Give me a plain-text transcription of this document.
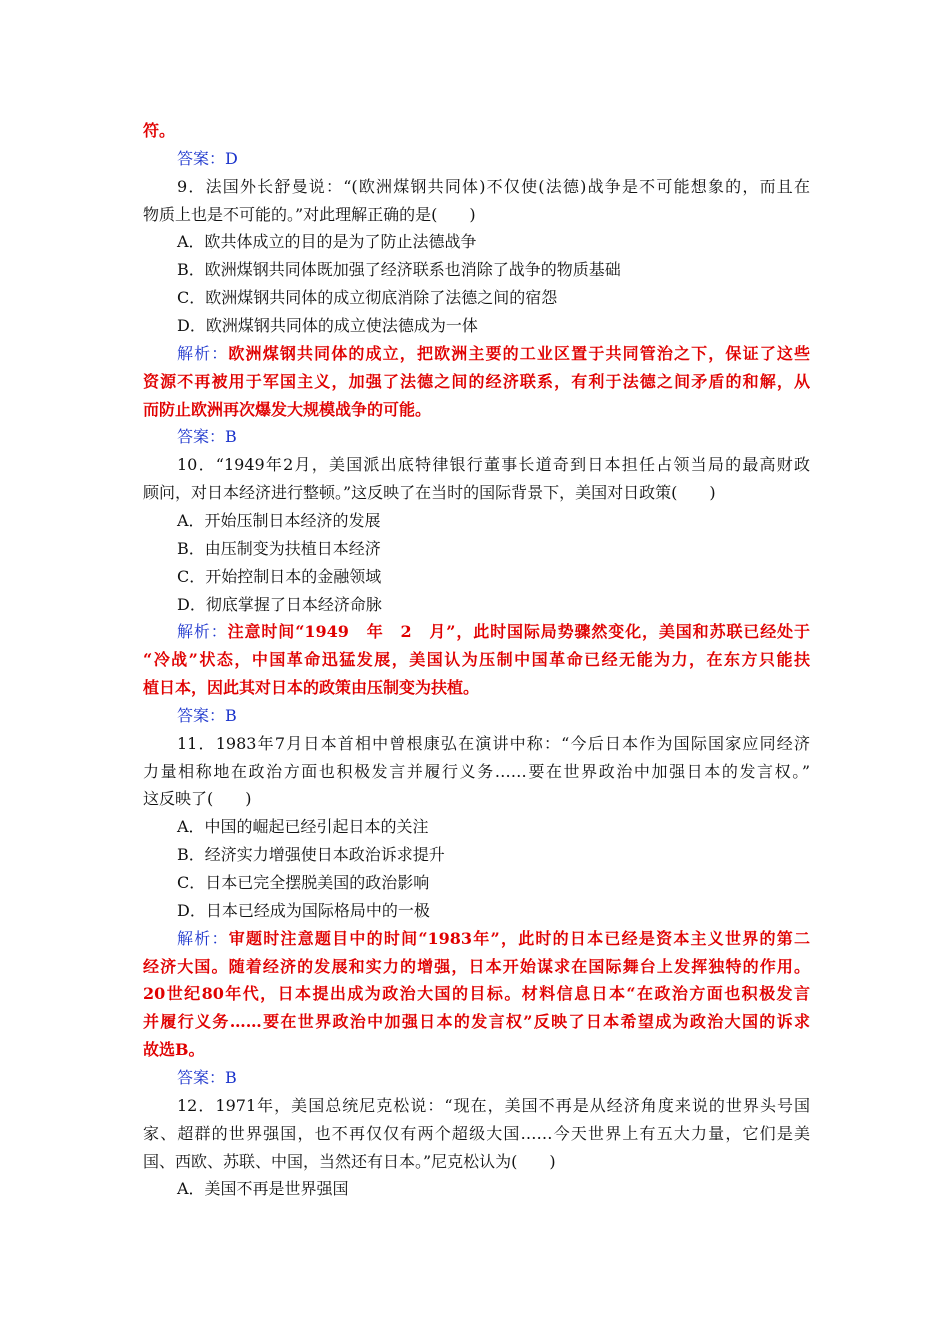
符。
答案：D
9．法国外长舒曼说：“(欧洲煤钢共同体)不仅使(法德)战争是不可能想象的，而且在
物质上也是不可能的。”对此理解正确的是(　　)
A．欧共体成立的目的是为了防止法德战争
B．欧洲煤钢共同体既加强了经济联系也消除了战争的物质基础
C．欧洲煤钢共同体的成立彻底消除了法德之间的宿怨
D．欧洲煤钢共同体的成立使法德成为一体
解析：欧洲煤钢共同体的成立，把欧洲主要的工业区置于共同管治之下，保证了这些
资源不再被用于军国主义，加强了法德之间的经济联系，有利于法德之间矛盾的和解，从
而防止欧洲再次爆发大规模战争的可能。
答案：B
10．“1949年2月，美国派出底特律银行董事长道奇到日本担任占领当局的最高财政
顾问，对日本经济进行整顿。”这反映了在当时的国际背景下，美国对日政策(　　)
A．开始压制日本经济的发展
B．由压制变为扶植日本经济
C．开始控制日本的金融领域
D．彻底掌握了日本经济命脉
解析：注意时间“1949　年　2　月”，此时国际局势骤然变化，美国和苏联已经处于
“冷战”状态，中国革命迅猛发展，美国认为压制中国革命已经无能为力，在东方只能扶
植日本，因此其对日本的政策由压制变为扶植。
答案：B
11．1983年7月日本首相中曾根康弘在演讲中称：“今后日本作为国际国家应同经济
力量相称地在政治方面也积极发言并履行义务……要在世界政治中加强日本的发言权。”
这反映了(　　)
A．中国的崛起已经引起日本的关注
B．经济实力增强使日本政治诉求提升
C．日本已完全摆脱美国的政治影响
D．日本已经成为国际格局中的一极
解析：审题时注意题目中的时间“1983年”，此时的日本已经是资本主义世界的第二
经济大国。随着经济的发展和实力的增强，日本开始谋求在国际舞台上发挥独特的作用。
20世纪80年代，日本提出成为政治大国的目标。材料信息日本“在政治方面也积极发言
并履行义务……要在世界政治中加强日本的发言权”反映了日本希望成为政治大国的诉求
故选B。
答案：B
12．1971年，美国总统尼克松说：“现在，美国不再是从经济角度来说的世界头号国
家、超群的世界强国，也不再仅仅有两个超级大国……今天世界上有五大力量，它们是美
国、西欧、苏联、中国，当然还有日本。”尼克松认为(　　)
A．美国不再是世界强国
